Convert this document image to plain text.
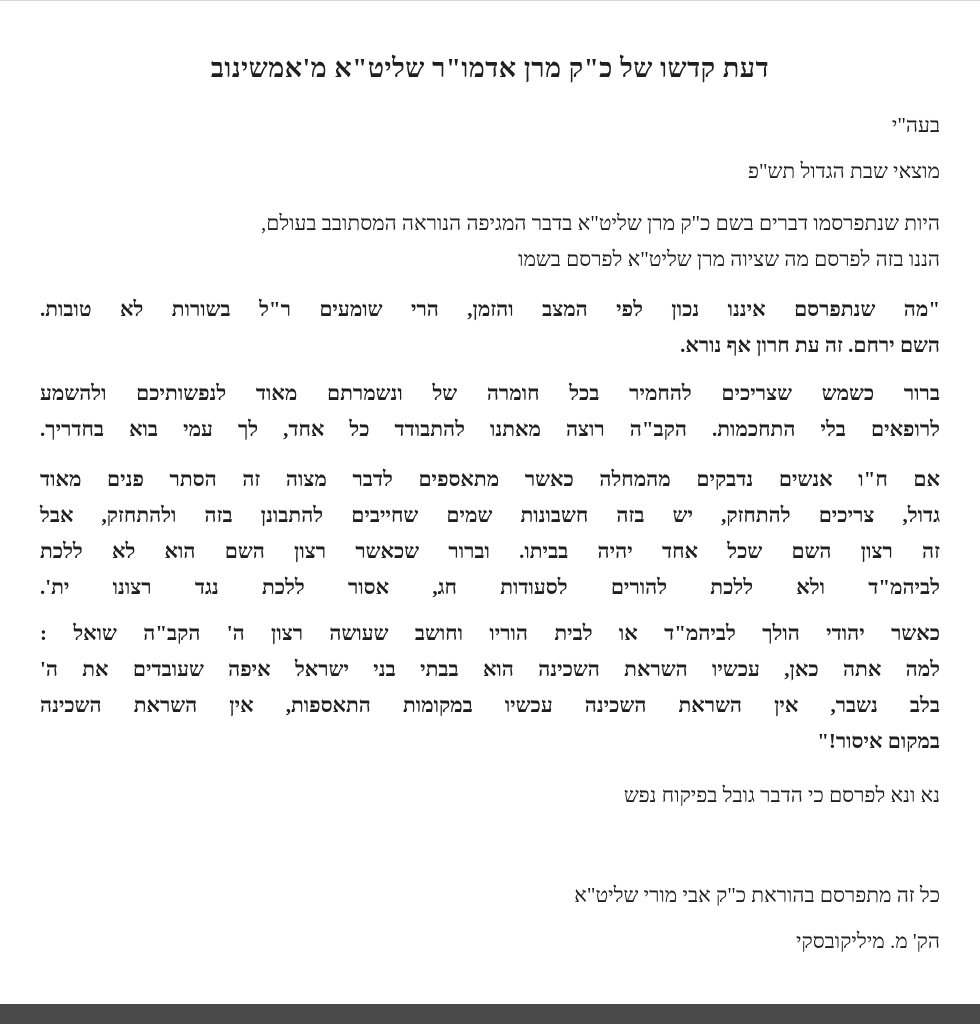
דעת קדשו של כ"ק מרן אדמו"ר שליט"א מ'אמשינוב

בעה"י

מוצאי שבת הגדול תש"פ

היות שנתפרסמו דברים בשם כ"ק מרן שליט"א בדבר המגיפה הנוראה המסתובב בעולם,
הננו בזה לפרסם מה שציוה מרן שליט"א לפרסם בשמו
"מה שנתפרסם איננו נכון לפי המצב והזמן, הרי שומעים ר"ל בשורות לא טובות.
השם ירחם. זה עת חרון אף נורא.
ברור כשמש שצריכים להחמיר בכל חומרה של ונשמרתם מאוד לנפשותיכם ולהשמע
לרופאים בלי התחכמות. הקב"ה רוצה מאתנו להתבודד כל אחד, לך עמי בוא בחדריך.
אם ח"ו אנשים נדבקים מהמחלה כאשר מתאספים לדבר מצוה זה הסתר פנים מאוד
גדול, צריכים להתחזק, יש בזה חשבונות שמים שחייבים להתבונן בזה ולהתחזק, אבל
זה רצון השם שכל אחד יהיה בביתו. וברור שכאשר רצון השם הוא לא ללכת
לביהמ"ד ולא ללכת להורים לסעודות חג, אסור ללכת נגד רצונו ית'.
כאשר יהודי הולך לביהמ"ד או לבית הוריו וחושב שעושה רצון ה' הקב"ה שואל :
למה אתה כאן, עכשיו השראת השכינה הוא בבתי בני ישראל איפה שעובדים את ה'
בלב נשבר, אין השראת השכינה עכשיו במקומות התאספות, אין השראת השכינה
במקום איסור!"

נא ונא לפרסם כי הדבר גובל בפיקוח נפש

כל זה מתפרסם בהוראת כ"ק אבי מורי שליט"א

הק' מ. מיליקובסקי
